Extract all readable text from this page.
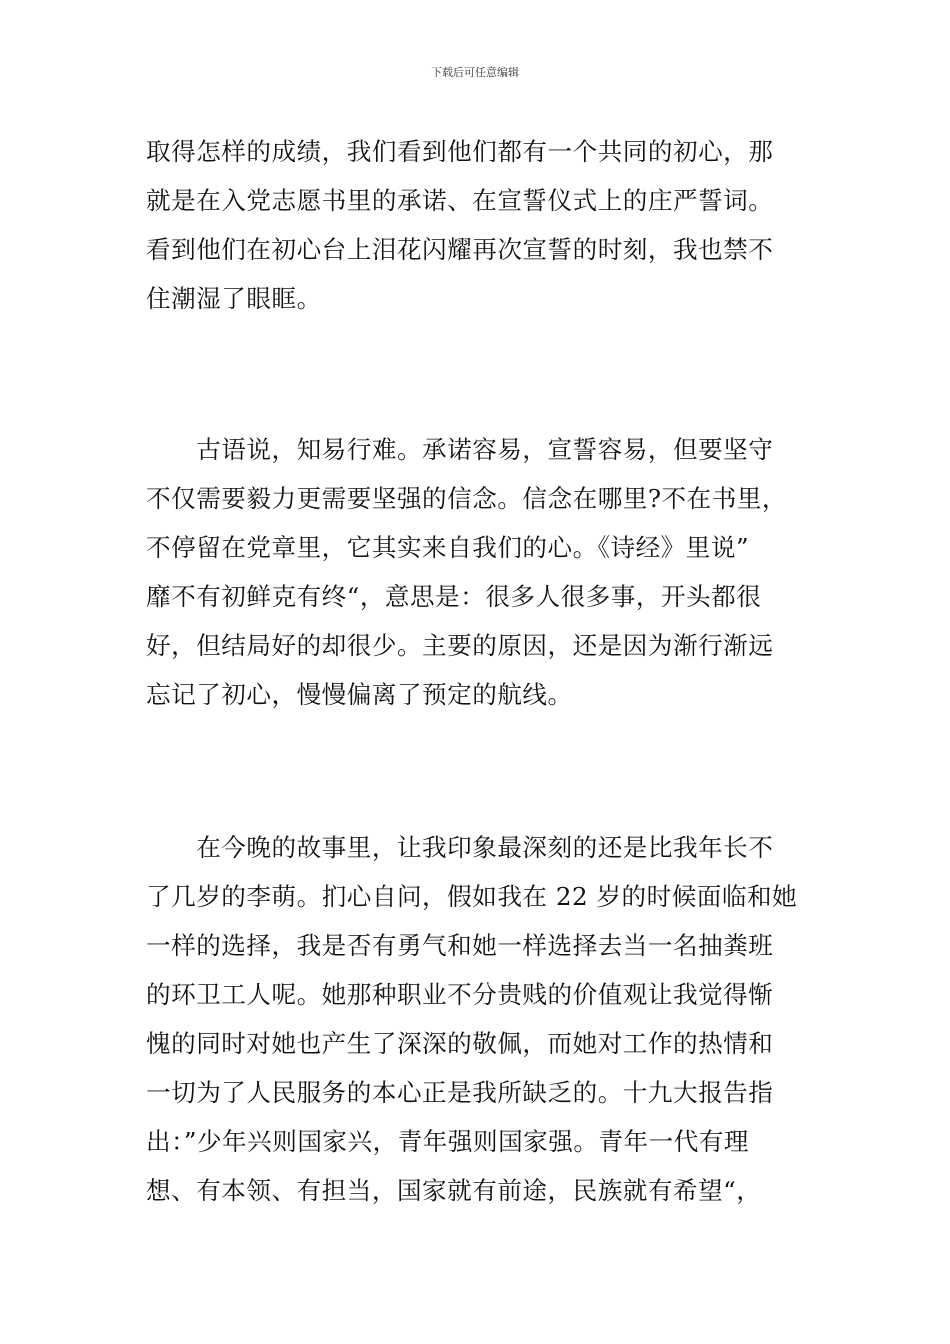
下载后可任意编辑
取得怎样的成绩，我们看到他们都有一个共同的初心，那
就是在入党志愿书里的承诺、在宣誓仪式上的庄严誓词。
看到他们在初心台上泪花闪耀再次宣誓的时刻，我也禁不
住潮湿了眼眶。
　　古语说，知易行难。承诺容易，宣誓容易，但要坚守
不仅需要毅力更需要坚强的信念。信念在哪里?不在书里，
不停留在党章里，它其实来自我们的心。《诗经》里说”
靡不有初鲜克有终“，意思是：很多人很多事，开头都很
好，但结局好的却很少。主要的原因，还是因为渐行渐远
忘记了初心，慢慢偏离了预定的航线。
　　在今晚的故事里，让我印象最深刻的还是比我年长不
了几岁的李萌。扪心自问，假如我在 22 岁的时候面临和她
一样的选择，我是否有勇气和她一样选择去当一名抽粪班
的环卫工人呢。她那种职业不分贵贱的价值观让我觉得惭
愧的同时对她也产生了深深的敬佩，而她对工作的热情和
一切为了人民服务的本心正是我所缺乏的。十九大报告指
出：”少年兴则国家兴，青年强则国家强。青年一代有理
想、有本领、有担当，国家就有前途，民族就有希望“，
